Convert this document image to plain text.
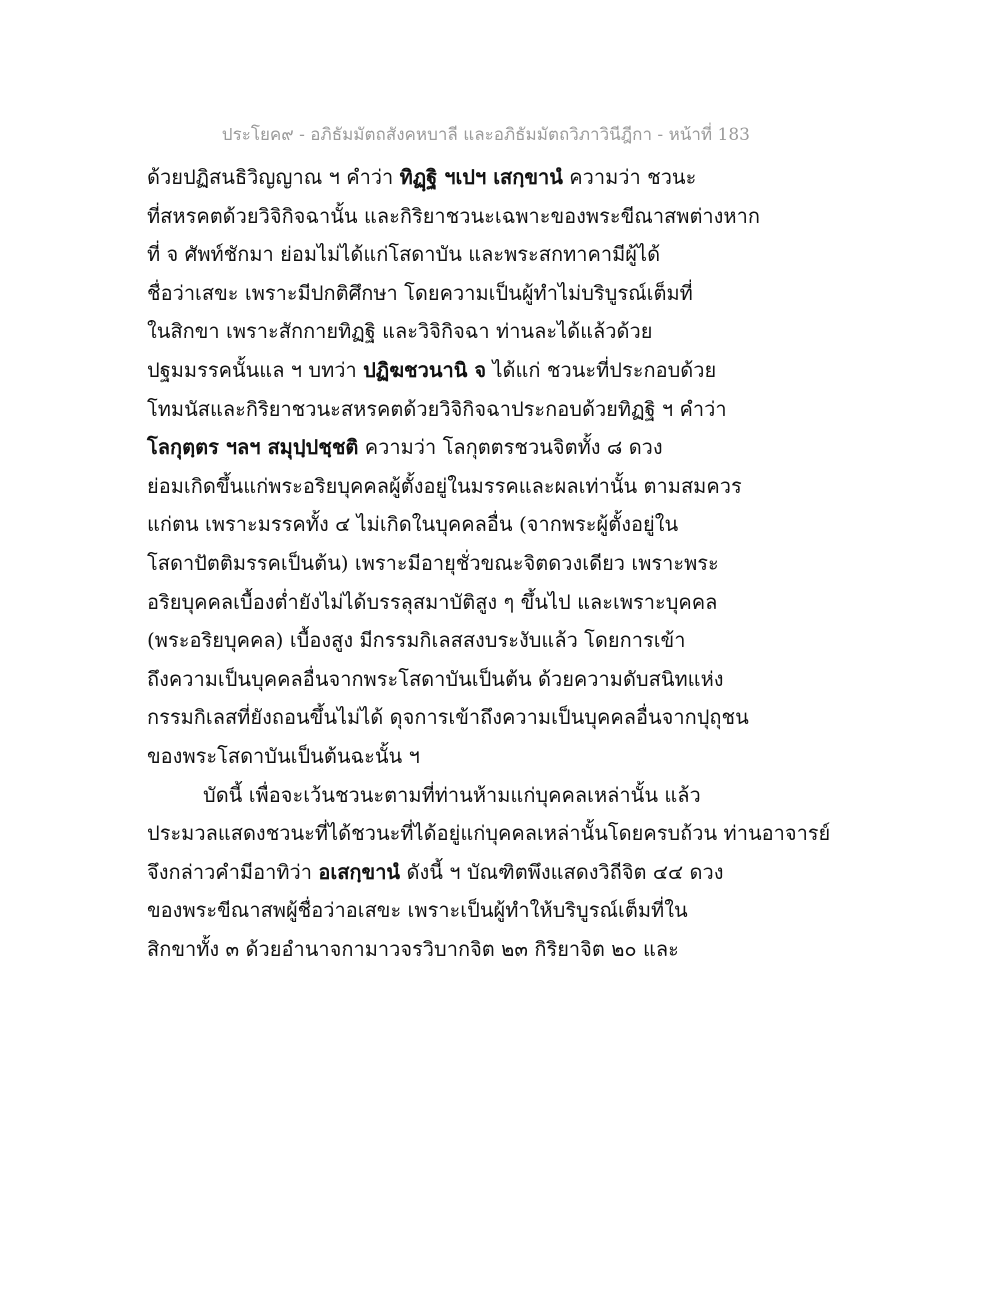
ประโยค๙ - อภิธัมมัตถสังคหบาลี และอภิธัมมัตถวิภาวินีฎีกา - หน้าที่ 183
ด้วยปฏิสนธิวิญญาณ ฯ คำว่า ทิฏฺฐิ ฯเปฯ เสกฺขานํ ความว่า ชวนะ
ที่สหรคตด้วยวิจิกิจฉานั้น และกิริยาชวนะเฉพาะของพระขีณาสพต่างหาก
ที่ จ ศัพท์ชักมา ย่อมไม่ได้แก่โสดาบัน และพระสกทาคามีผู้ได้
ชื่อว่าเสขะ เพราะมีปกติศึกษา โดยความเป็นผู้ทำไม่บริบูรณ์เต็มที่
ในสิกขา เพราะสักกายทิฏฐิ และวิจิกิจฉา ท่านละได้แล้วด้วย
ปฐมมรรคนั้นแล ฯ บทว่า ปฏิฆชวนานิ จ ได้แก่ ชวนะที่ประกอบด้วย
โทมนัสและกิริยาชวนะสหรคตด้วยวิจิกิจฉาประกอบด้วยทิฏฐิ ฯ คำว่า
โลกุตฺตร ฯลฯ สมุปฺปชฺชติ ความว่า โลกุตตรชวนจิตทั้ง ๘ ดวง
ย่อมเกิดขึ้นแก่พระอริยบุคคลผู้ตั้งอยู่ในมรรคและผลเท่านั้น ตามสมควร
แก่ตน เพราะมรรคทั้ง ๔ ไม่เกิดในบุคคลอื่น (จากพระผู้ตั้งอยู่ใน
โสดาปัตติมรรคเป็นต้น) เพราะมีอายุชั่วขณะจิตดวงเดียว เพราะพระ
อริยบุคคลเบื้องต่ำยังไม่ได้บรรลุสมาบัติสูง ๆ ขึ้นไป และเพราะบุคคล
(พระอริยบุคคล) เบื้องสูง มีกรรมกิเลสสงบระงับแล้ว โดยการเข้า
ถึงความเป็นบุคคลอื่นจากพระโสดาบันเป็นต้น ด้วยความดับสนิทแห่ง
กรรมกิเลสที่ยังถอนขึ้นไม่ได้ ดุจการเข้าถึงความเป็นบุคคลอื่นจากปุถุชน
ของพระโสดาบันเป็นต้นฉะนั้น ฯ
บัดนี้ เพื่อจะเว้นชวนะตามที่ท่านห้ามแก่บุคคลเหล่านั้น แล้ว
ประมวลแสดงชวนะที่ได้ชวนะที่ได้อยู่แก่บุคคลเหล่านั้นโดยครบถ้วน ท่านอาจารย์
จึงกล่าวคำมีอาทิว่า อเสกฺขานํ ดังนี้ ฯ บัณฑิตพึงแสดงวิถีจิต ๔๔ ดวง
ของพระขีณาสพผู้ชื่อว่าอเสขะ เพราะเป็นผู้ทำให้บริบูรณ์เต็มที่ใน
สิกขาทั้ง ๓ ด้วยอำนาจกามาวจรวิบากจิต ๒๓ กิริยาจิต ๒๐ และ
